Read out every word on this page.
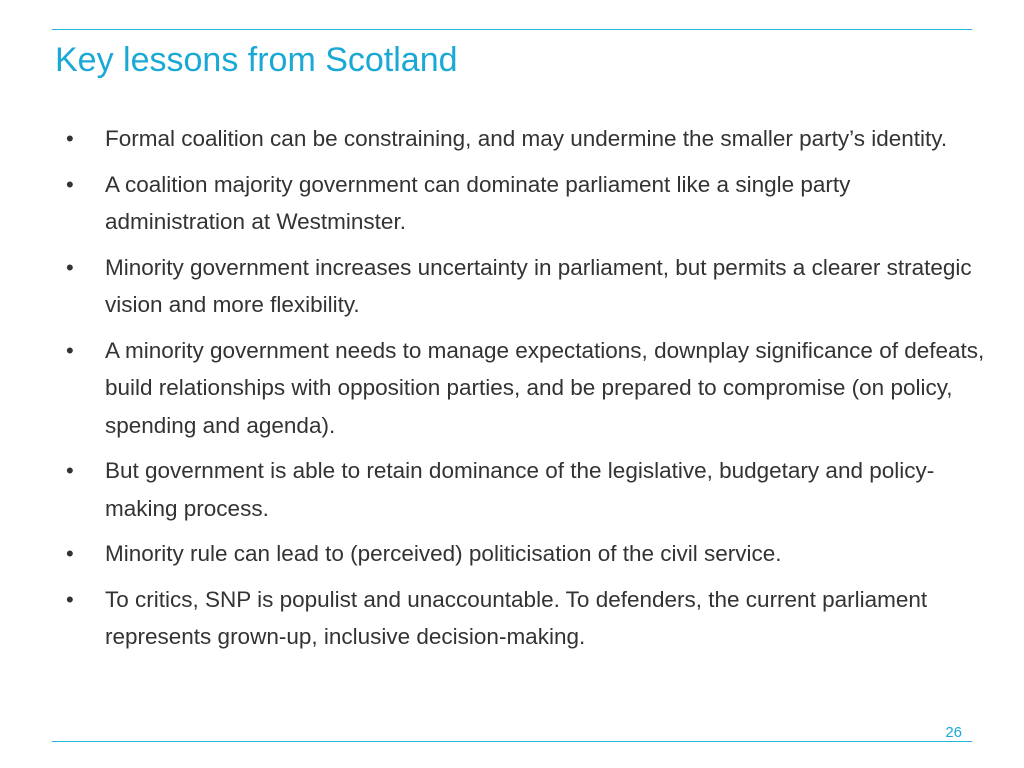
Key lessons from Scotland
• Formal coalition can be constraining, and may undermine the smaller party’s identity.
• A coalition majority government can dominate parliament like a single party administration at Westminster.
• Minority government increases uncertainty in parliament, but permits a clearer strategic vision and more flexibility.
• A minority government needs to manage expectations, downplay significance of defeats, build relationships with opposition parties, and be prepared to compromise (on policy, spending and agenda).
• But government is able to retain dominance of the legislative, budgetary and policy-making process.
• Minority rule can lead to (perceived) politicisation of the civil service.
• To critics, SNP is populist and unaccountable. To defenders, the current parliament represents grown-up, inclusive decision-making.
26
